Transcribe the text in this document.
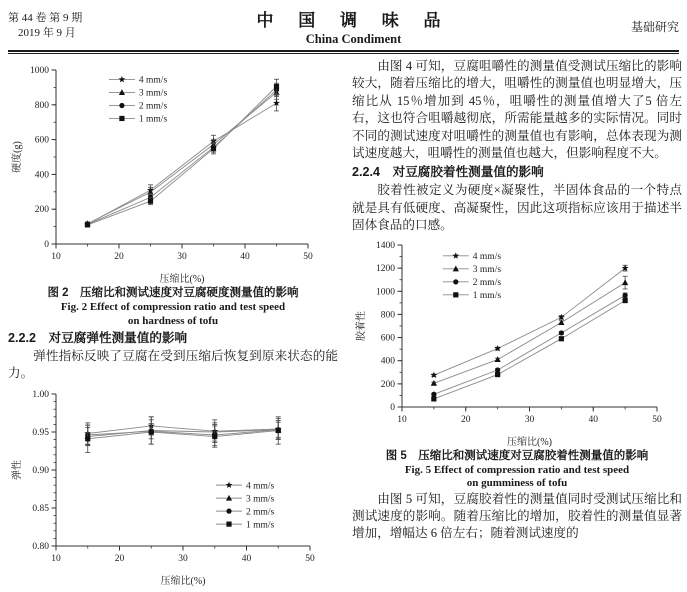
第 44 卷 第 9 期
2019 年 9 月
中 国 调 味 品
China Condiment
基础研究
10	20	30	40	50
0
200
400
600
800
1000
压缩比(%)
硬度(g)
4 mm/s
3 mm/s
2 mm/s
1 mm/s
图 2　压缩比和测试速度对豆腐硬度测量值的影响
Fig. 2 Effect of compression ratio and test speed
on hardness of tofu
2.2.2　对豆腐弹性测量值的影响
弹性指标反映了豆腐在受到压缩后恢复到原来状态的能力。
10	20	30	40	50
0.80
0.85
0.90
0.95
1.00
压缩比(%)
弹性
4 mm/s
3 mm/s
2 mm/s
1 mm/s
由图 4 可知，豆腐咀嚼性的测量值受测试压缩比的影响较大，随着压缩比的增大，咀嚼性的测量值也明显增大，压缩比从 15％增加到 45％，咀嚼性的测量值增大了5 倍左右，这也符合咀嚼越彻底，所需能量越多的实际情况。同时不同的测试速度对咀嚼性的测量值也有影响，总体表现为测试速度越大，咀嚼性的测量值也越大，但影响程度不大。
2.2.4　对豆腐胶着性测量值的影响
胶着性被定义为硬度×凝聚性，半固体食品的一个特点就是具有低硬度、高凝聚性，因此这项指标应该用于描述半固体食品的口感。
10	20	30	40	50
0
200
400
600
800
1000
1200
1400
压缩比(%)
胶着性
4 mm/s
3 mm/s
2 mm/s
1 mm/s
图 5　压缩比和测试速度对豆腐胶着性测量值的影响
Fig. 5 Effect of compression ratio and test speed
on gumminess of tofu
由图 5 可知，豆腐胶着性的测量值同时受测试压缩比和测试速度的影响。随着压缩比的增加，胶着性的测量值显著增加，增幅达 6 倍左右；随着测试速度的
